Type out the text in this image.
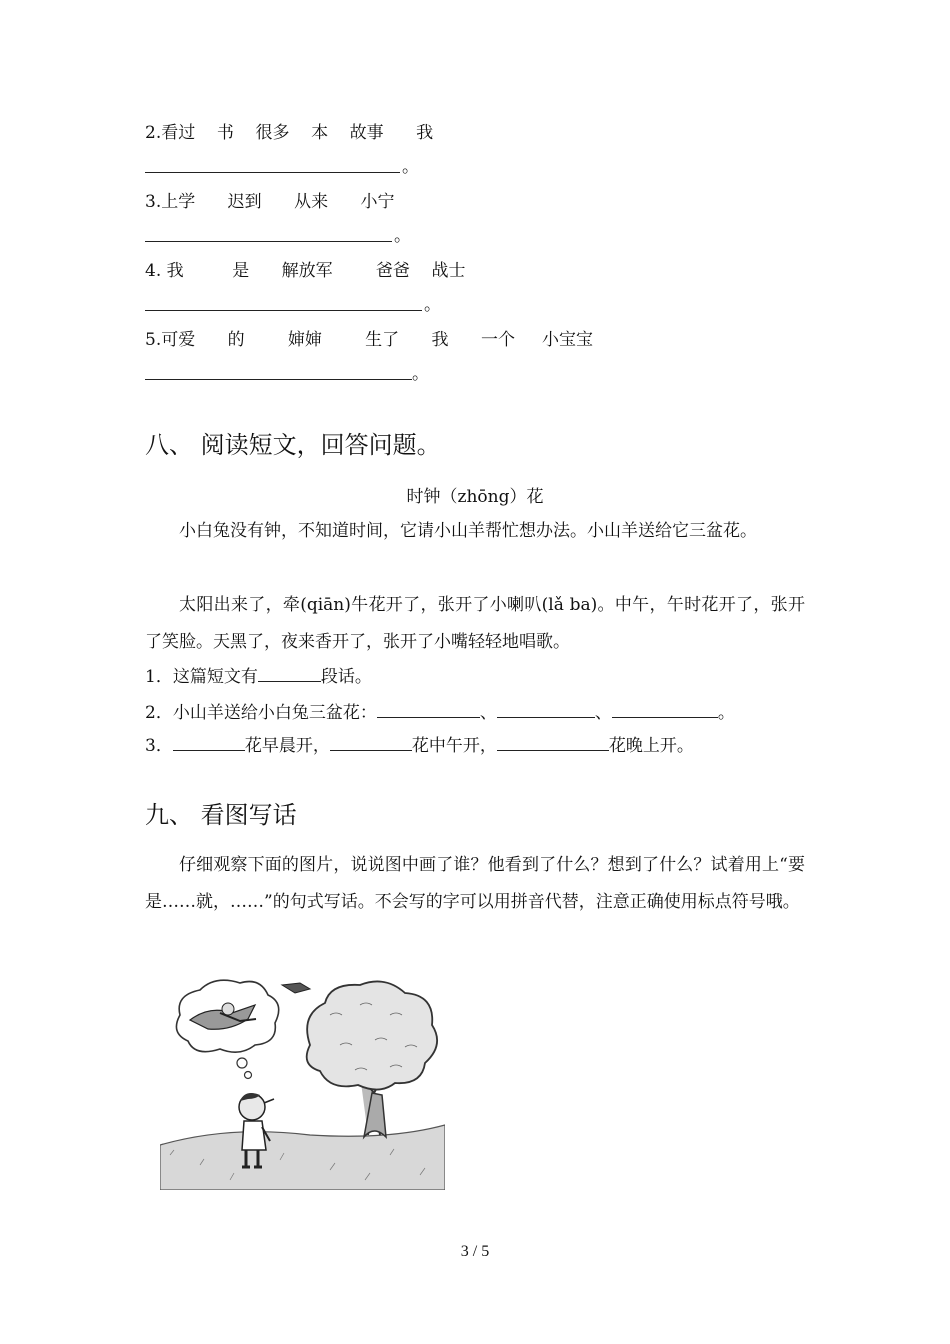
2.看过    书    很多    本    故事      我

。

3.上学      迟到      从来      小宁

。

4. 我         是      解放军        爸爸    战士

。

5.可爱      的        婶婶        生了      我      一个     小宝宝

。
八、 阅读短文，回答问题。

时钟（zhōng）花

小白兔没有钟，不知道时间，它请小山羊帮忙想办法。小山羊送给它三盆花。

太阳出来了，牵(qiān)牛花开了，张开了小喇叭(lǎ ba)。中午，午时花开了，张开了笑脸。天黑了，夜来香开了，张开了小嘴轻轻地唱歌。

1．这篇短文有	段话。
2．小山羊送给小白兔三盆花：	、	、	。
3．	花早晨开，	花中午开，	花晚上开。
九、 看图写话

仔细观察下面的图片，说说图中画了谁？他看到了什么？想到了什么？试着用上“要是……就，……”的句式写话。不会写的字可以用拼音代替，注意正确使用标点符号哦。

3 / 5
